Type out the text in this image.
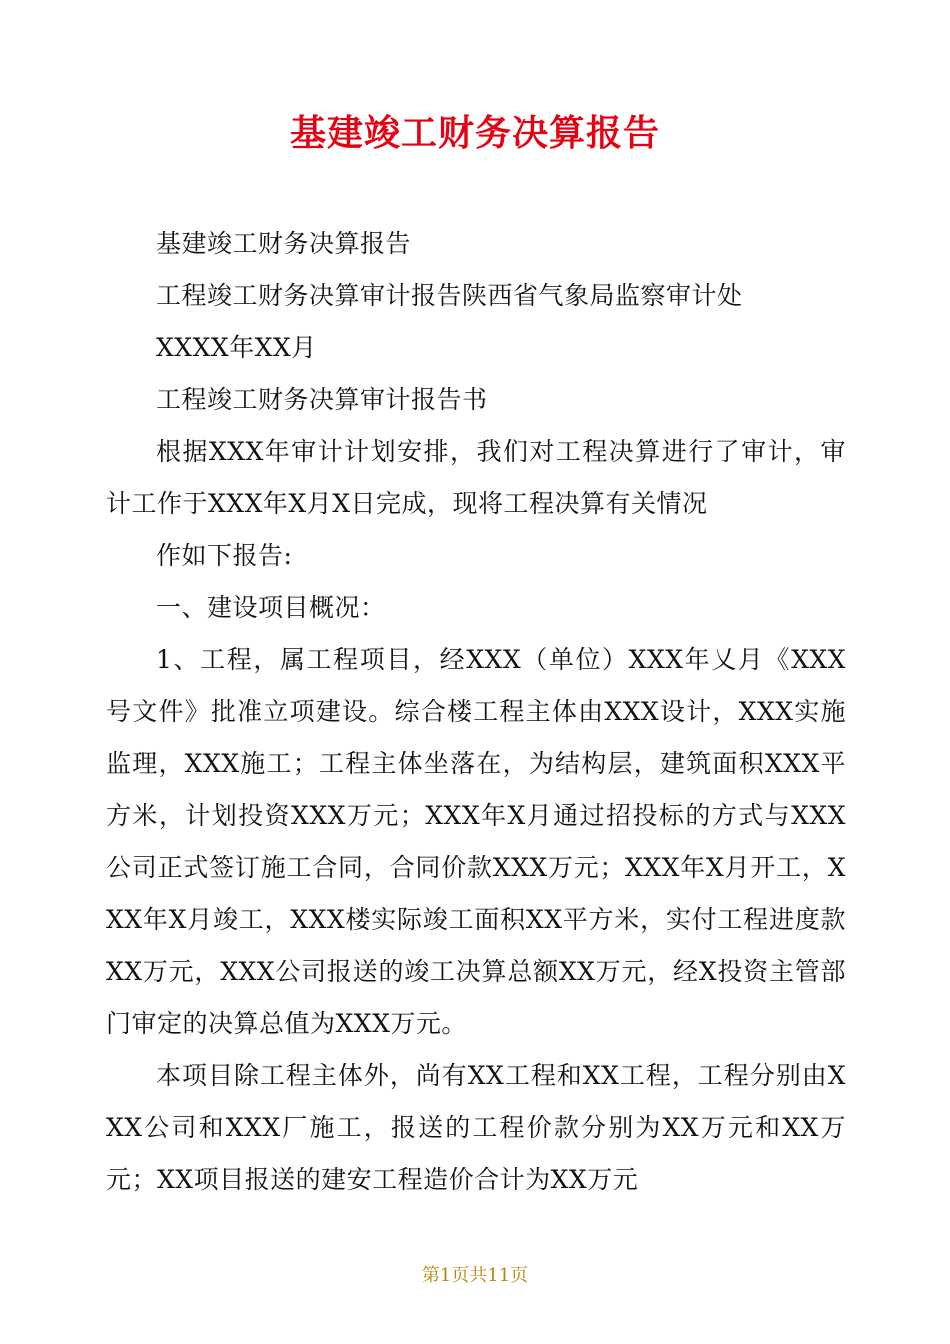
基建竣工财务决算报告

基建竣工财务决算报告

工程竣工财务决算审计报告陕西省气象局监察审计处

XXXX年XX月

工程竣工财务决算审计报告书

根据XXX年审计计划安排，我们对工程决算进行了审计，审计工作于XXX年X月X日完成，现将工程决算有关情况

作如下报告:

一、建设项目概况：

1、工程，属工程项目，经XXX（单位）XXX年乂月《XXX号文件》批准立项建设。综合楼工程主体由XXX设计，XXX实施监理，XXX施工；工程主体坐落在，为结构层，建筑面积XXX平方米，计划投资XXX万元；XXX年X月通过招投标的方式与XXX公司正式签订施工合同，合同价款XXX万元；XXX年X月开工，XXX年X月竣工，XXX楼实际竣工面积XX平方米，实付工程进度款XX万元，XXX公司报送的竣工决算总额XX万元，经X投资主管部门审定的决算总值为XXX万元。

本项目除工程主体外，尚有XX工程和XX工程，工程分别由XXX公司和XXX厂施工，报送的工程价款分别为XX万元和XX万元；XX项目报送的建安工程造价合计为XX万元

第1页共11页
